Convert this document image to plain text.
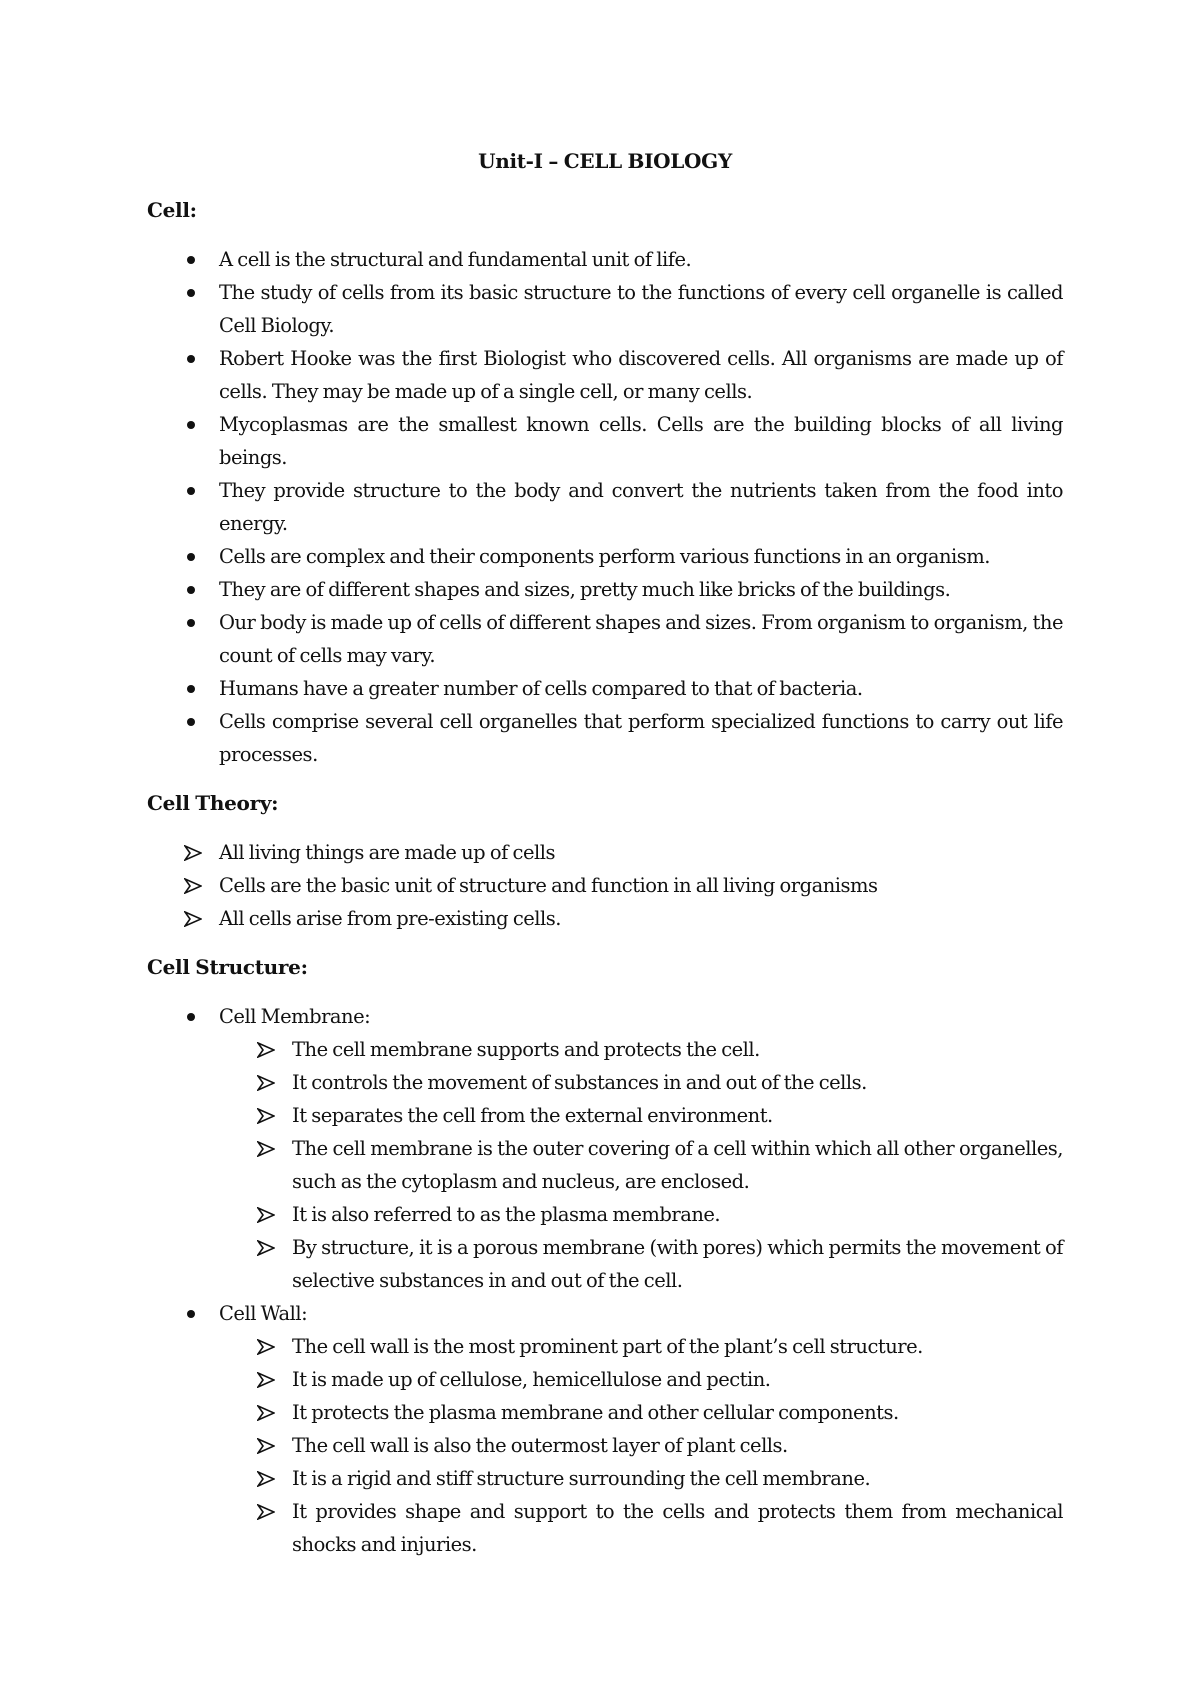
Unit-I – CELL BIOLOGY
Cell:
A cell is the structural and fundamental unit of life.
The study of cells from its basic structure to the functions of every cell organelle is called Cell Biology.
Robert Hooke was the first Biologist who discovered cells. All organisms are made up of cells. They may be made up of a single cell, or many cells.
Mycoplasmas are the smallest known cells. Cells are the building blocks of all living beings.
They provide structure to the body and convert the nutrients taken from the food into energy.
Cells are complex and their components perform various functions in an organism.
They are of different shapes and sizes, pretty much like bricks of the buildings.
Our body is made up of cells of different shapes and sizes. From organism to organism, the count of cells may vary.
Humans have a greater number of cells compared to that of bacteria.
Cells comprise several cell organelles that perform specialized functions to carry out life processes.
Cell Theory:
All living things are made up of cells
Cells are the basic unit of structure and function in all living organisms
All cells arise from pre-existing cells.
Cell Structure:
Cell Membrane:
The cell membrane supports and protects the cell.
It controls the movement of substances in and out of the cells.
It separates the cell from the external environment.
The cell membrane is the outer covering of a cell within which all other organelles, such as the cytoplasm and nucleus, are enclosed.
It is also referred to as the plasma membrane.
By structure, it is a porous membrane (with pores) which permits the movement of selective substances in and out of the cell.
Cell Wall:
The cell wall is the most prominent part of the plant’s cell structure.
It is made up of cellulose, hemicellulose and pectin.
It protects the plasma membrane and other cellular components.
The cell wall is also the outermost layer of plant cells.
It is a rigid and stiff structure surrounding the cell membrane.
It provides shape and support to the cells and protects them from mechanical shocks and injuries.
